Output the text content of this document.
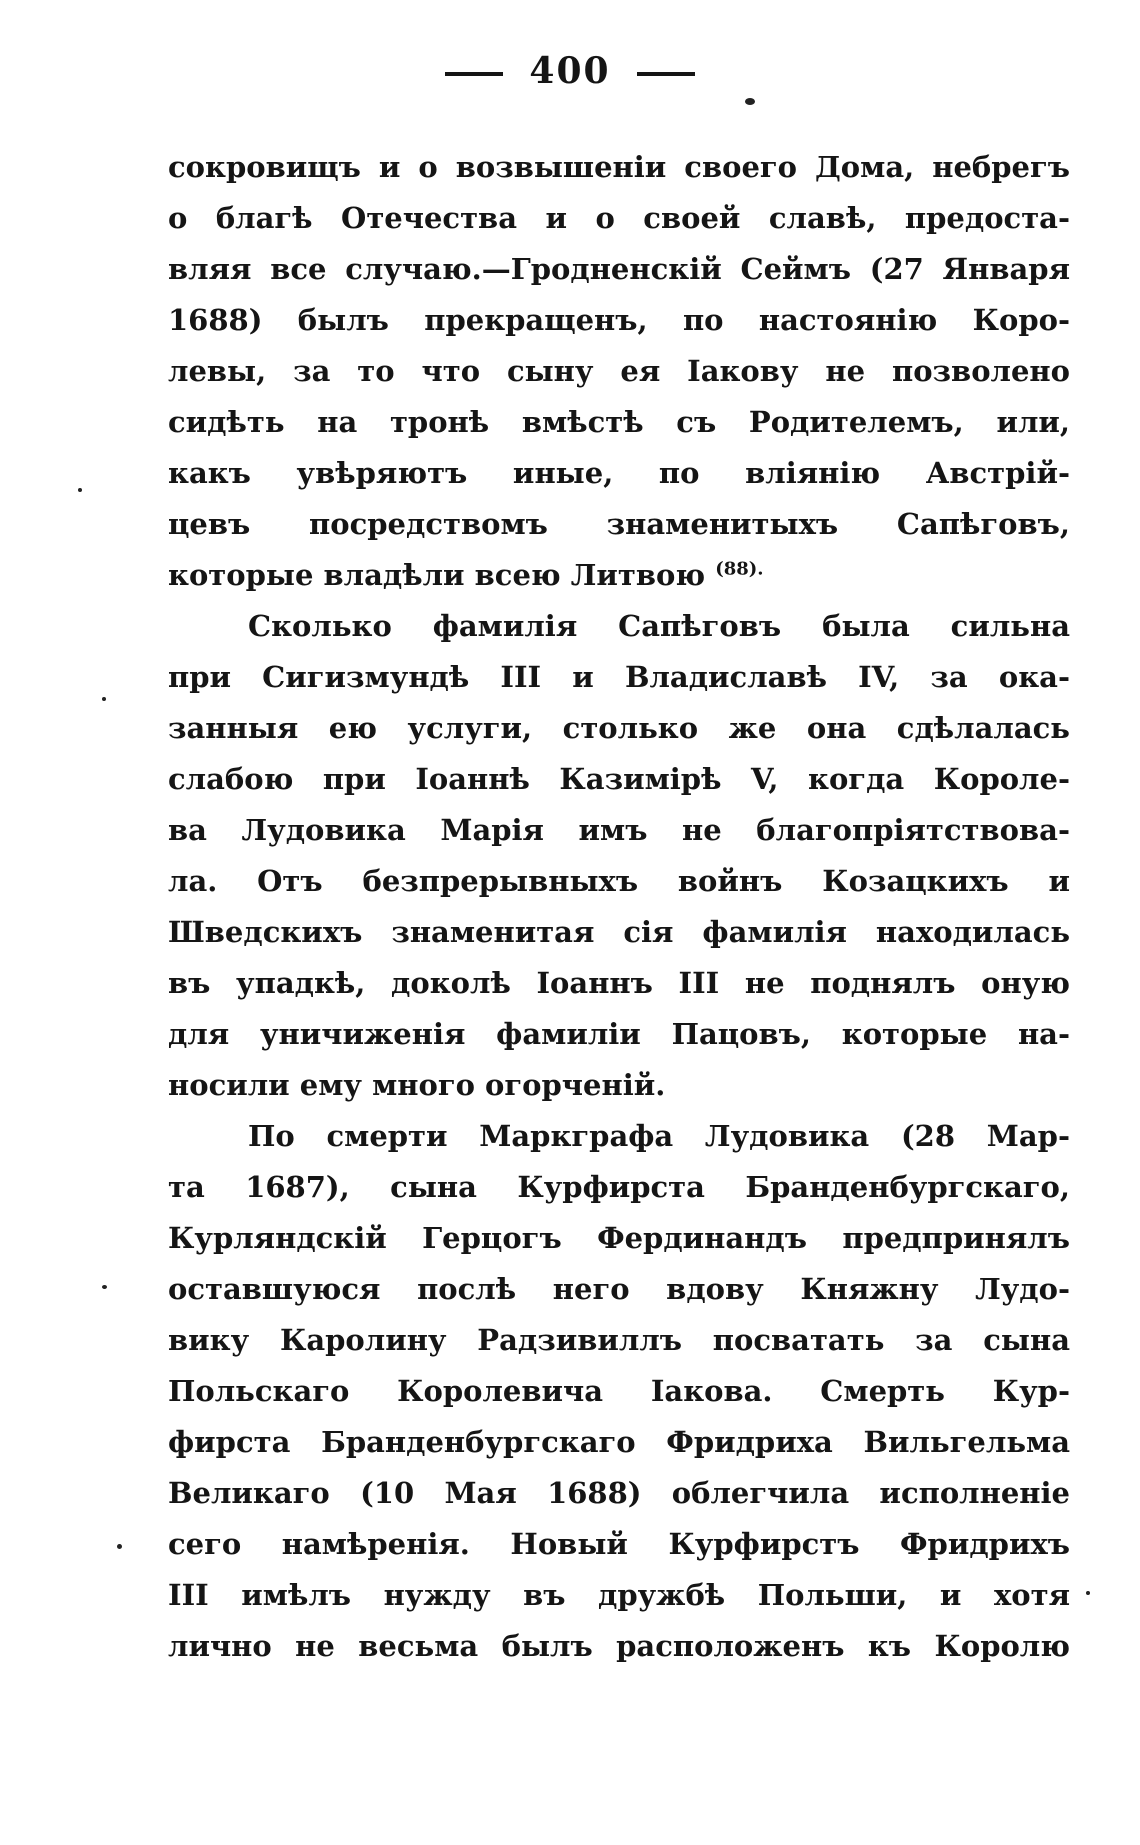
400
сокровищъ и о возвышенiи своего Дома, небрегъ
о благѣ Отечества и о своей славѣ, предоста-
вляя все случаю.—Гродненскiй Сеймъ (27 Января
1688) былъ прекращенъ, по настоянiю Коро-
левы, за то что сыну ея Iакову не позволено
сидѣть на тронѣ вмѣстѣ съ Родителемъ, или,
какъ увѣряютъ иные, по влiянiю Австрiй-
цевъ посредствомъ знаменитыхъ Сапѣговъ,
которые владѣли всею Литвою $^{(88).}$
Сколько фамилiя Сапѣговъ была сильна
при Сигизмундѣ III и Владиславѣ IV, за ока-
занныя ею услуги, столько же она сдѣлалась
слабою при Iоаннѣ Казимiрѣ V, когда Короле-
ва Лудовика Марiя имъ не благопрiятствова-
ла. Отъ безпрерывныхъ войнъ Козацкихъ и
Шведскихъ знаменитая сiя фамилiя находилась
въ упадкѣ, доколѣ Iоаннъ III не поднялъ оную
для уничиженiя фамилiи Пацовъ, которые на-
носили ему много огорченiй.
По смерти Маркграфа Лудовика (28 Мар-
та 1687), сына Курфирста Бранденбургскаго,
Курляндскiй Герцогъ Фердинандъ предпринялъ
оставшуюся послѣ него вдову Княжну Лудо-
вику Каролину Радзивиллъ посватать за сына
Польскаго Королевича Iакова. Смерть Кур-
фирста Бранденбургскаго Фридриха Вильгельма
Великаго (10 Мая 1688) облегчила исполненiе
сего намѣренiя. Новый Курфирстъ Фридрихъ
III имѣлъ нужду въ дружбѣ Польши, и хотя
лично не весьма былъ расположенъ къ Королю
